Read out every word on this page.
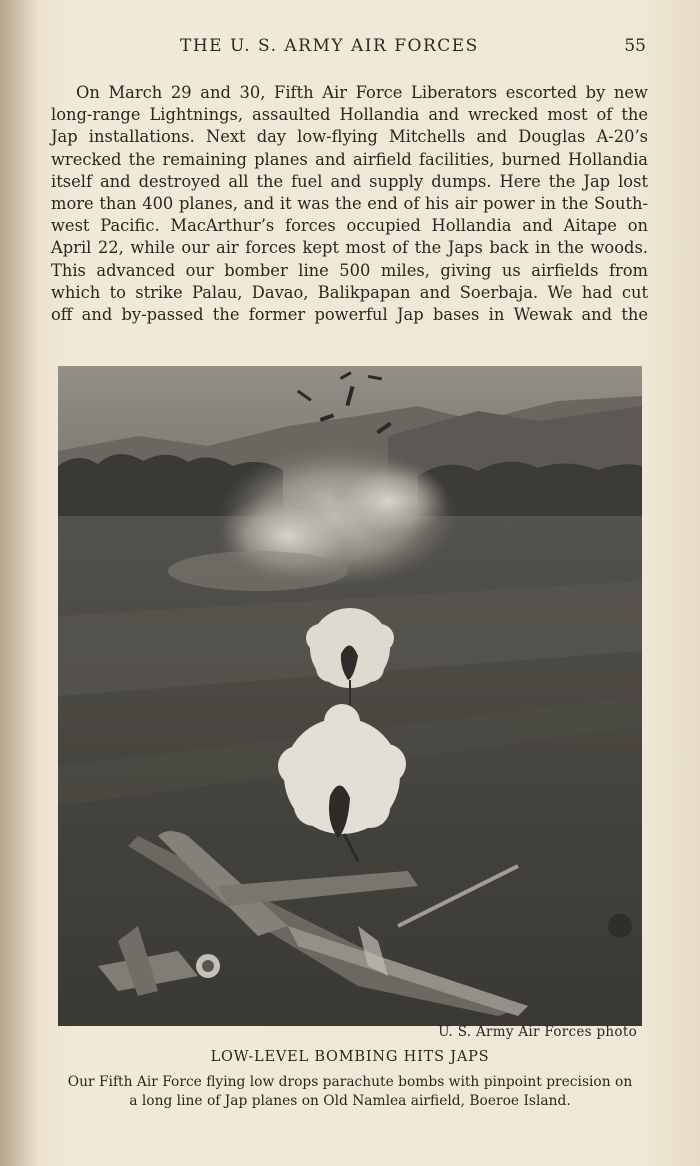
THE U. S. ARMY AIR FORCES	55
On March 29 and 30, Fifth Air Force Liberators escorted by new
long-range Lightnings, assaulted Hollandia and wrecked most of the
Jap installations. Next day low-flying Mitchells and Douglas A-20’s
wrecked the remaining planes and airfield facilities, burned Hollandia
itself and destroyed all the fuel and supply dumps. Here the Jap lost
more than 400 planes, and it was the end of his air power in the South-
west Pacific. MacArthur’s forces occupied Hollandia and Aitape on
April 22, while our air forces kept most of the Japs back in the woods.
This advanced our bomber line 500 miles, giving us airfields from
which to strike Palau, Davao, Balikpapan and Soerbaja. We had cut
off and by-passed the former powerful Jap bases in Wewak and the
U. S. Army Air Forces photo
LOW-LEVEL BOMBING HITS JAPS
Our Fifth Air Force flying low drops parachute bombs with pinpoint precision on
a long line of Jap planes on Old Namlea airfield, Boeroe Island.
